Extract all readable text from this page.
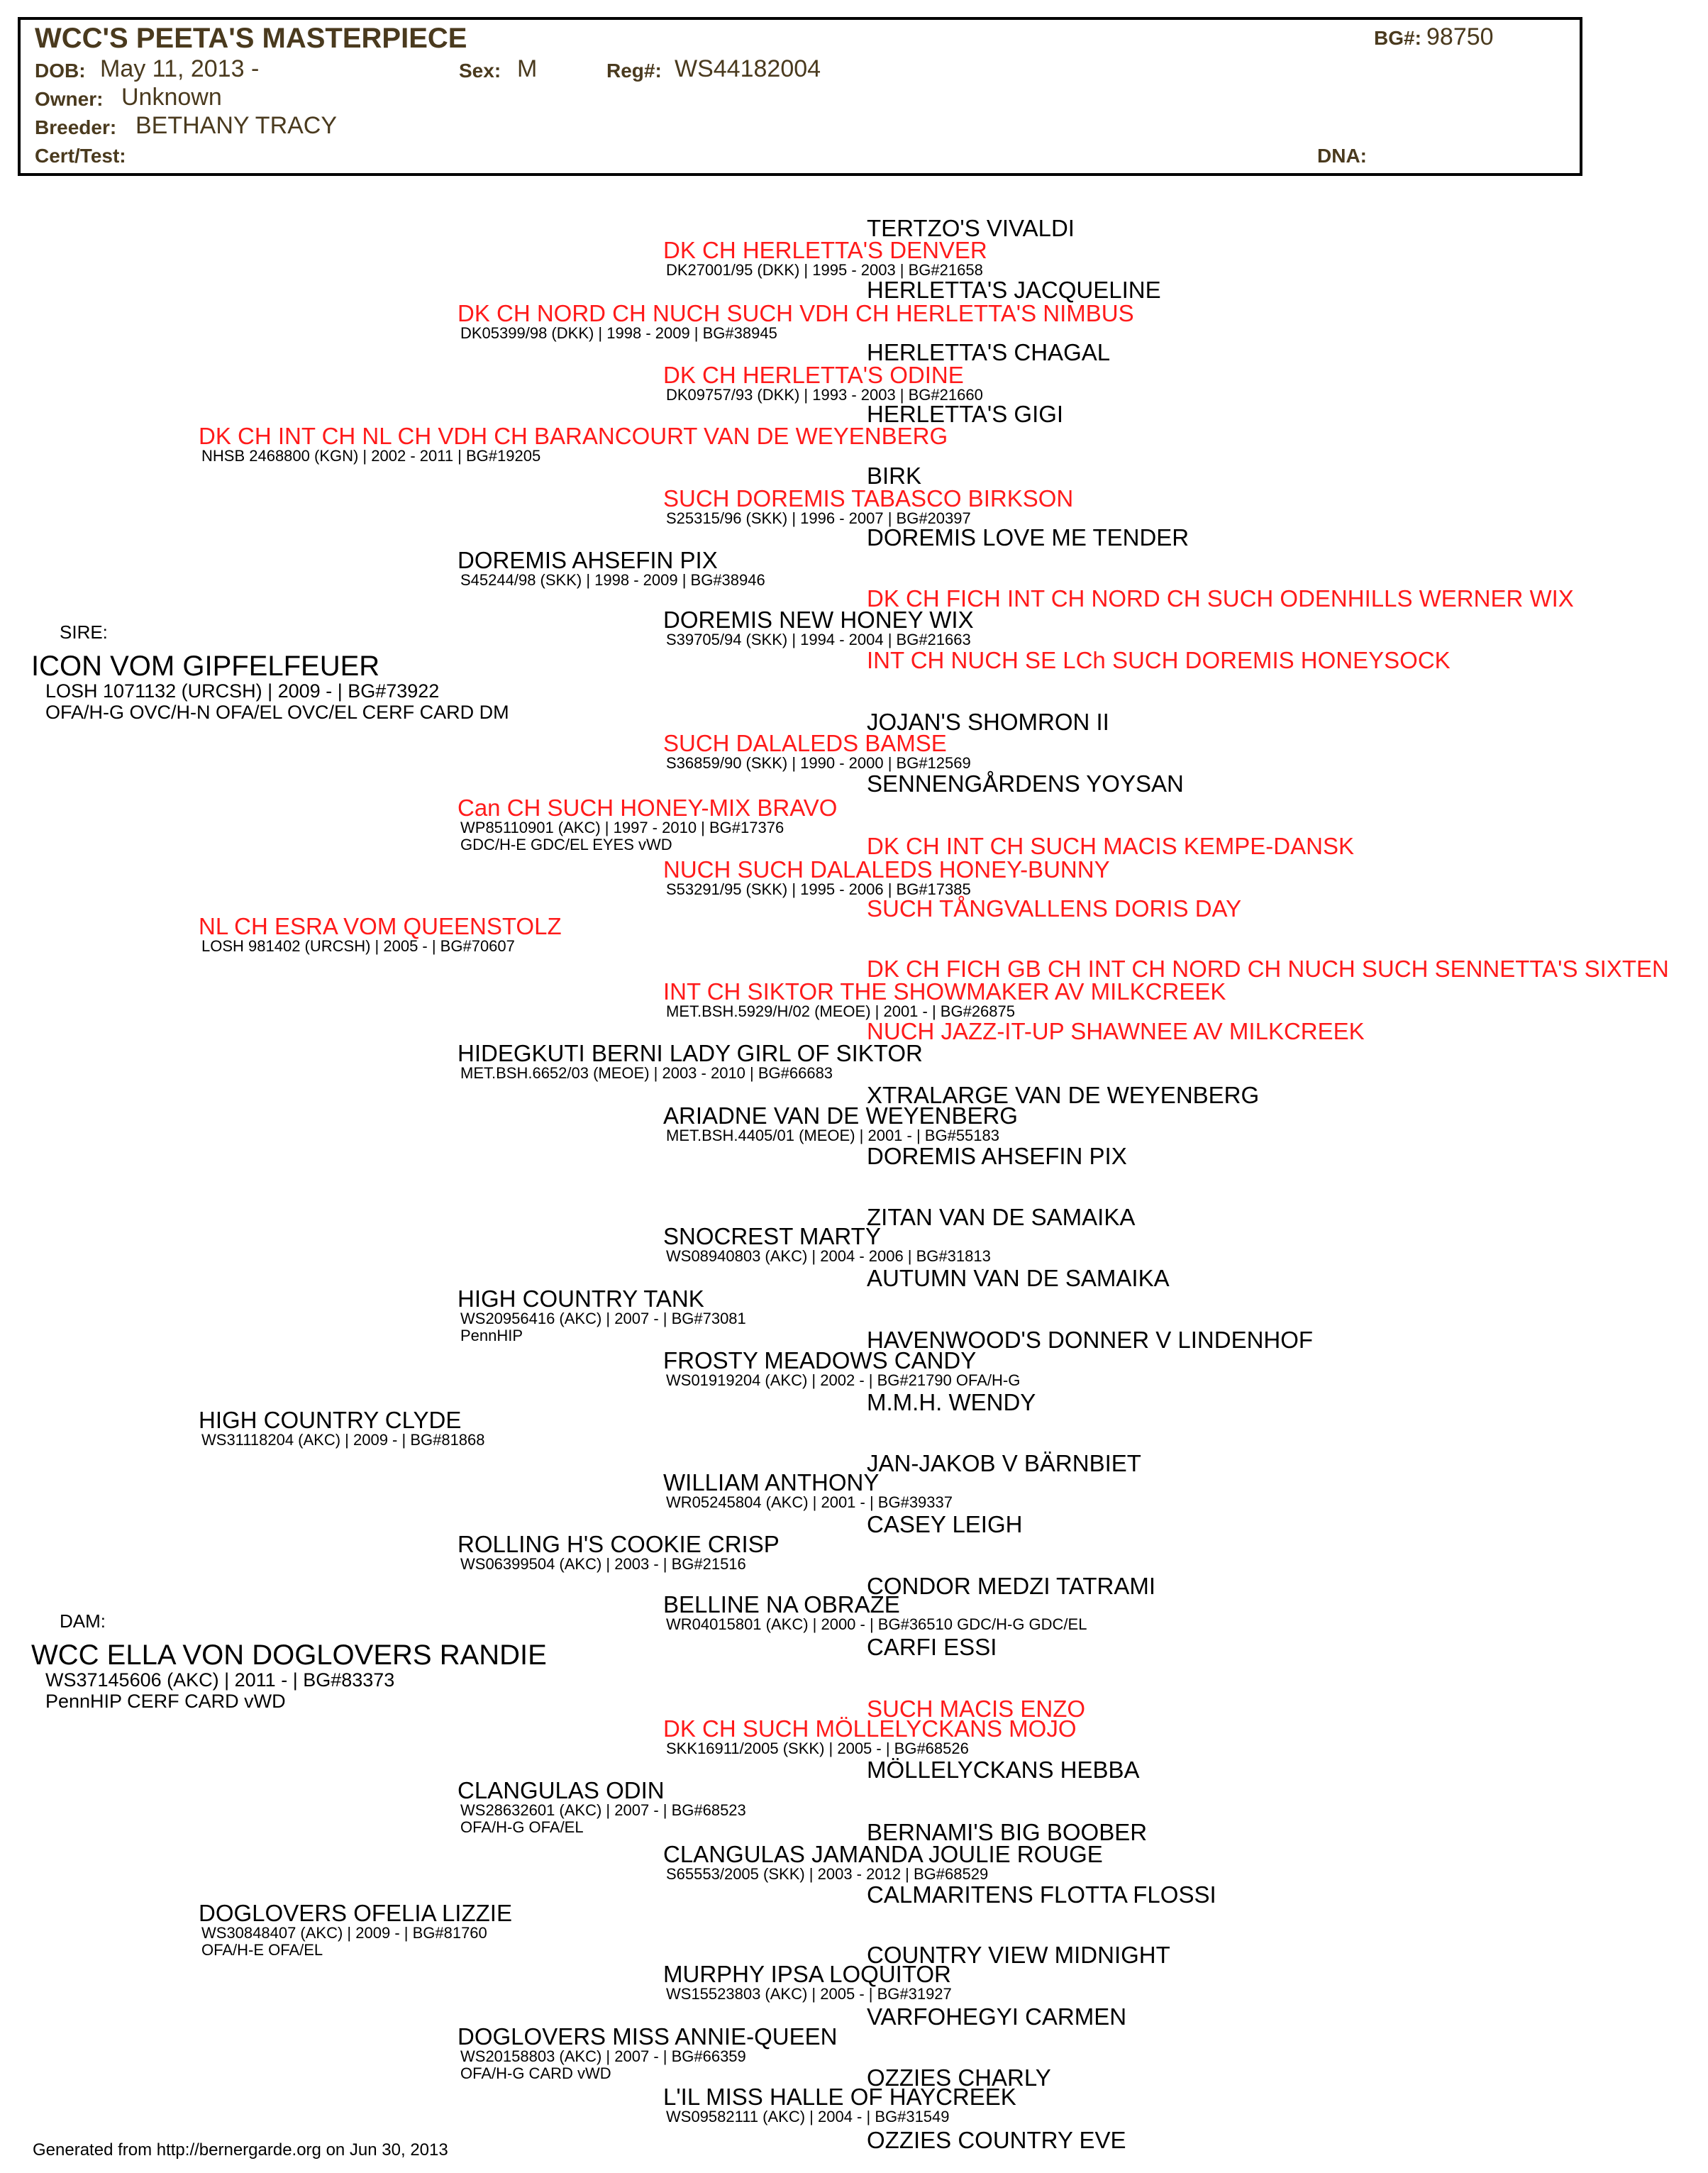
WCC'S PEETA'S MASTERPIECE
DOB: May 11, 2013 -	Sex: M	Reg#: WS44182004
Owner: Unknown
Breeder: BETHANY TRACY
Cert/Test:
BG#: 98750
DNA:
SIRE:
ICON VOM GIPFELFEUER
LOSH 1071132 (URCSH) | 2009 - | BG#73922
OFA/H-G OVC/H-N OFA/EL OVC/EL CERF CARD DM
DAM:
WCC ELLA VON DOGLOVERS RANDIE
WS37145606 (AKC) | 2011 - | BG#83373
PennHIP CERF CARD vWD
TERTZO'S VIVALDI
DK CH HERLETTA'S DENVER
DK27001/95 (DKK) | 1995 - 2003 | BG#21658
HERLETTA'S JACQUELINE
DK CH NORD CH NUCH SUCH VDH CH HERLETTA'S NIMBUS
DK05399/98 (DKK) | 1998 - 2009 | BG#38945
HERLETTA'S CHAGAL
DK CH HERLETTA'S ODINE
DK09757/93 (DKK) | 1993 - 2003 | BG#21660
HERLETTA'S GIGI
DK CH INT CH NL CH VDH CH BARANCOURT VAN DE WEYENBERG
NHSB 2468800 (KGN) | 2002 - 2011 | BG#19205
BIRK
SUCH DOREMIS TABASCO BIRKSON
S25315/96 (SKK) | 1996 - 2007 | BG#20397
DOREMIS LOVE ME TENDER
DOREMIS AHSEFIN PIX
S45244/98 (SKK) | 1998 - 2009 | BG#38946
DK CH FICH INT CH NORD CH SUCH ODENHILLS WERNER WIX
DOREMIS NEW HONEY WIX
S39705/94 (SKK) | 1994 - 2004 | BG#21663
INT CH NUCH SE LCh SUCH DOREMIS HONEYSOCK
JOJAN'S SHOMRON II
SUCH DALALEDS BAMSE
S36859/90 (SKK) | 1990 - 2000 | BG#12569
SENNENGÅRDENS YOYSAN
Can CH SUCH HONEY-MIX BRAVO
WP85110901 (AKC) | 1997 - 2010 | BG#17376
GDC/H-E GDC/EL EYES vWD	DK CH INT CH SUCH MACIS KEMPE-DANSK
NUCH SUCH DALALEDS HONEY-BUNNY
S53291/95 (SKK) | 1995 - 2006 | BG#17385
SUCH TÅNGVALLENS DORIS DAY
NL CH ESRA VOM QUEENSTOLZ
LOSH 981402 (URCSH) | 2005 - | BG#70607
DK CH FICH GB CH INT CH NORD CH NUCH SUCH SENNETTA'S SIXTEN
INT CH SIKTOR THE SHOWMAKER AV MILKCREEK
MET.BSH.5929/H/02 (MEOE) | 2001 - | BG#26875
NUCH JAZZ-IT-UP SHAWNEE AV MILKCREEK
HIDEGKUTI BERNI LADY GIRL OF SIKTOR
MET.BSH.6652/03 (MEOE) | 2003 - 2010 | BG#66683
XTRALARGE VAN DE WEYENBERG
ARIADNE VAN DE WEYENBERG
MET.BSH.4405/01 (MEOE) | 2001 - | BG#55183
DOREMIS AHSEFIN PIX
ZITAN VAN DE SAMAIKA
SNOCREST MARTY
WS08940803 (AKC) | 2004 - 2006 | BG#31813
AUTUMN VAN DE SAMAIKA
HIGH COUNTRY TANK
WS20956416 (AKC) | 2007 - | BG#73081
PennHIP	HAVENWOOD'S DONNER V LINDENHOF
FROSTY MEADOWS CANDY
WS01919204 (AKC) | 2002 - | BG#21790 OFA/H-G
M.M.H. WENDY
HIGH COUNTRY CLYDE
WS31118204 (AKC) | 2009 - | BG#81868
JAN-JAKOB V BÄRNBIET
WILLIAM ANTHONY
WR05245804 (AKC) | 2001 - | BG#39337
CASEY LEIGH
ROLLING H'S COOKIE CRISP
WS06399504 (AKC) | 2003 - | BG#21516
CONDOR MEDZI TATRAMI
BELLINE NA OBRAZE
WR04015801 (AKC) | 2000 - | BG#36510 GDC/H-G GDC/EL
CARFI ESSI
SUCH MACIS ENZO
DK CH SUCH MÖLLELYCKANS MOJO
SKK16911/2005 (SKK) | 2005 - | BG#68526
MÖLLELYCKANS HEBBA
CLANGULAS ODIN
WS28632601 (AKC) | 2007 - | BG#68523
OFA/H-G OFA/EL	BERNAMI'S BIG BOOBER
CLANGULAS JAMANDA JOULIE ROUGE
S65553/2005 (SKK) | 2003 - 2012 | BG#68529
CALMARITENS FLOTTA FLOSSI
DOGLOVERS OFELIA LIZZIE
WS30848407 (AKC) | 2009 - | BG#81760
OFA/H-E OFA/EL	COUNTRY VIEW MIDNIGHT
MURPHY IPSA LOQUITOR
WS15523803 (AKC) | 2005 - | BG#31927
VARFOHEGYI CARMEN
DOGLOVERS MISS ANNIE-QUEEN
WS20158803 (AKC) | 2007 - | BG#66359
OFA/H-G CARD vWD	OZZIES CHARLY
L'IL MISS HALLE OF HAYCREEK
WS09582111 (AKC) | 2004 - | BG#31549
OZZIES COUNTRY EVE
Generated from http://bernergarde.org on Jun 30, 2013
